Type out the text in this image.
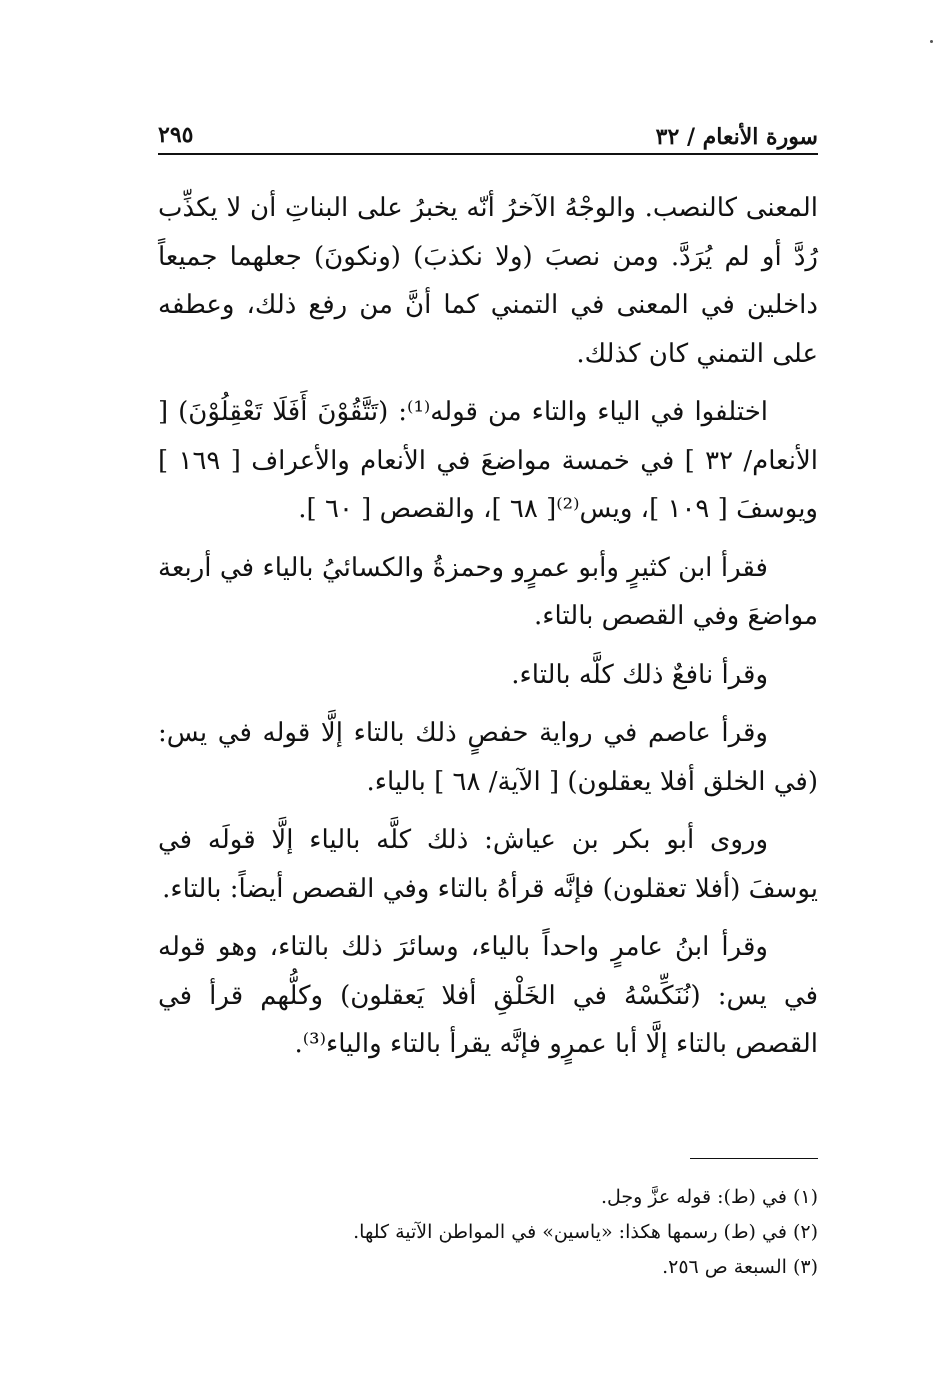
سورة الأنعام / ٣٢
٢٩٥

المعنى كالنصب. والوجْهُ الآخرُ أنّه يخبرُ على البناتِ أن لا يكذِّب رُدَّ أو لم يُرَدَّ. ومن نصبَ (ولا نكذبَ) (ونكونَ) جعلهما جميعاً داخلين في المعنى في التمني كما أنَّ من رفع ذلك، وعطفه على التمني كان كذلك.

اختلفوا في الياء والتاء من قوله⁽¹⁾: (تَتَّقُوْنَ أَفَلَا تَعْقِلُوْنَ) [ الأنعام/ ٣٢ ] في خمسة مواضعَ في الأنعام والأعراف [ ١٦٩ ] ويوسفَ [ ١٠٩ ]، ويس⁽²⁾[ ٦٨ ]، والقصص [ ٦٠ ].

فقرأ ابن كثيرٍ وأبو عمرٍو وحمزةُ والكسائيُ بالياء في أربعة مواضعَ وفي القصص بالتاء.

وقرأ نافعٌ ذلك كلَّه بالتاء.

وقرأ عاصم في رواية حفصٍ ذلك بالتاء إلَّا قوله في يس: (في الخلق أفلا يعقلون) [ الآية/ ٦٨ ] بالياء.

وروى أبو بكر بن عياش: ذلك كلَّه بالياء إلَّا قولَه في يوسفَ (أفلا تعقلون) فإنَّه قرأهُ بالتاء وفي القصص أيضاً: بالتاء.

وقرأ ابنُ عامرٍ واحداً بالياء، وسائرَ ذلك بالتاء، وهو قوله في يس: (نُنَكِّسْهُ في الخَلْقِ أفلا يَعقلون) وكلُّهم قرأ في القصص بالتاء إلَّا أبا عمرٍو فإنَّه يقرأ بالتاء والياء⁽³⁾.

(١) في (ط): قوله عزَّ وجل.
(٢) في (ط) رسمها هكذا: «ياسين» في المواطن الآتية كلها.
(٣) السبعة ص ٢٥٦.
